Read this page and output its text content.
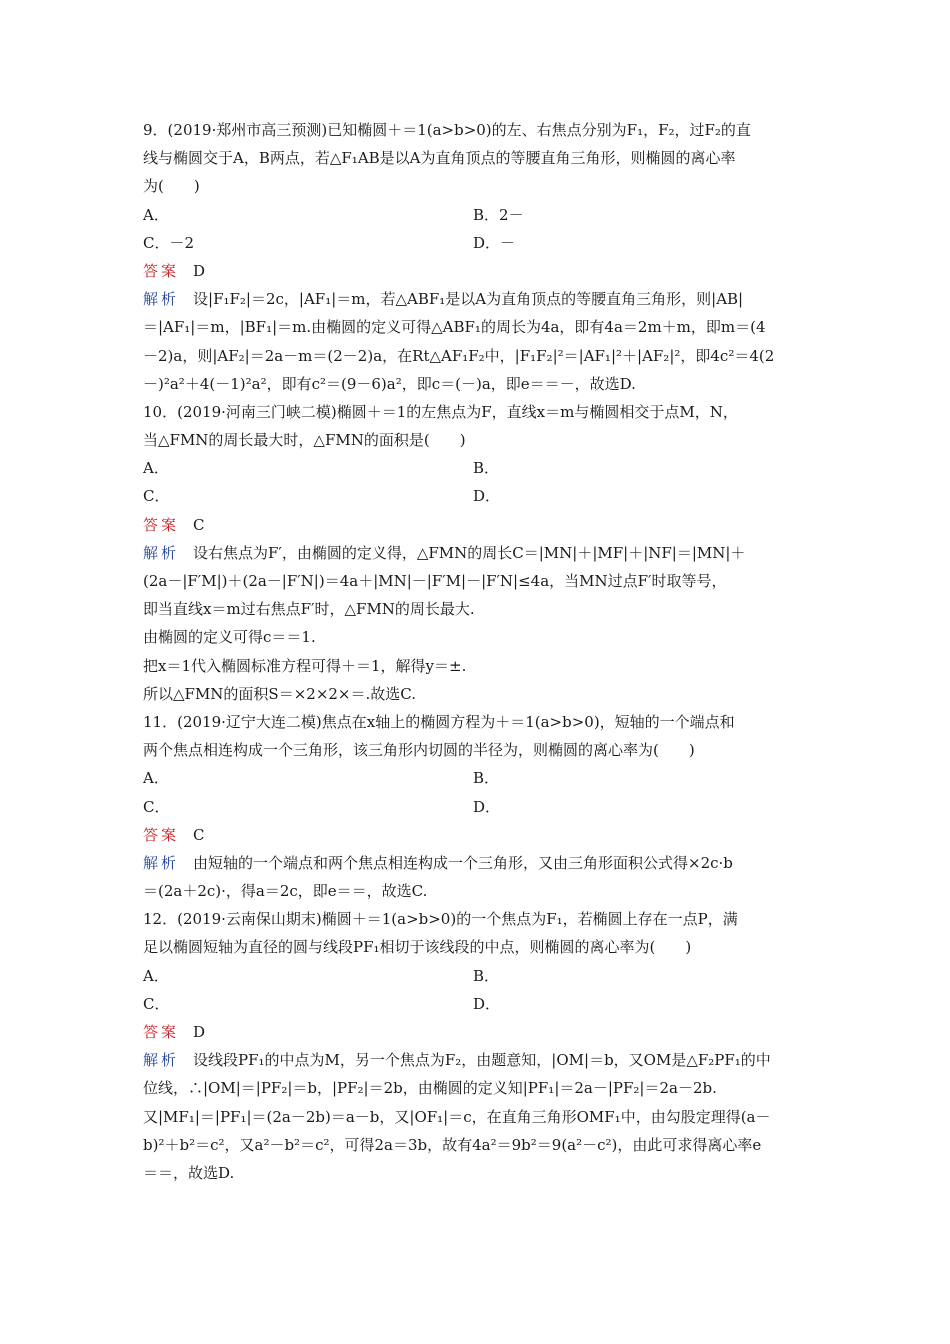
9．(2019·郑州市高三预测)已知椭圆＋＝1(a>b>0)的左、右焦点分别为F₁，F₂，过F₂的直
线与椭圆交于A，B两点，若△F₁AB是以A为直角顶点的等腰直角三角形，则椭圆的离心率
为(　　)
A．	B．2－
C．－2	D．－
答案 D
解析 设|F₁F₂|＝2c，|AF₁|＝m，若△ABF₁是以A为直角顶点的等腰直角三角形，则|AB|
＝|AF₁|＝m，|BF₁|＝m.由椭圆的定义可得△ABF₁的周长为4a，即有4a＝2m＋m，即m＝(4
－2)a，则|AF₂|＝2a－m＝(2－2)a，在Rt△AF₁F₂中，|F₁F₂|²＝|AF₁|²＋|AF₂|²，即4c²＝4(2
－)²a²＋4(－1)²a²，即有c²＝(9－6)a²，即c＝(－)a，即e＝＝－，故选D.
10．(2019·河南三门峡二模)椭圆＋＝1的左焦点为F，直线x＝m与椭圆相交于点M，N，
当△FMN的周长最大时，△FMN的面积是(　　)
A．	B．
C．	D．
答案 C
解析 设右焦点为F′，由椭圆的定义得，△FMN的周长C＝|MN|＋|MF|＋|NF|＝|MN|＋
(2a－|F′M|)＋(2a－|F′N|)＝4a＋|MN|－|F′M|－|F′N|≤4a，当MN过点F′时取等号，
即当直线x＝m过右焦点F′时，△FMN的周长最大.
由椭圆的定义可得c＝＝1.
把x＝1代入椭圆标准方程可得＋＝1，解得y＝±.
所以△FMN的面积S＝×2×2×＝.故选C.
11．(2019·辽宁大连二模)焦点在x轴上的椭圆方程为＋＝1(a>b>0)，短轴的一个端点和
两个焦点相连构成一个三角形，该三角形内切圆的半径为，则椭圆的离心率为(　　)
A．	B．
C．	D．
答案 C
解析 由短轴的一个端点和两个焦点相连构成一个三角形，又由三角形面积公式得×2c·b
＝(2a＋2c)·，得a＝2c，即e＝＝，故选C.
12．(2019·云南保山期末)椭圆＋＝1(a>b>0)的一个焦点为F₁，若椭圆上存在一点P，满
足以椭圆短轴为直径的圆与线段PF₁相切于该线段的中点，则椭圆的离心率为(　　)
A．	B．
C．	D．
答案 D
解析 设线段PF₁的中点为M，另一个焦点为F₂，由题意知，|OM|＝b，又OM是△F₂PF₁的中
位线，∴|OM|＝|PF₂|＝b，|PF₂|＝2b，由椭圆的定义知|PF₁|＝2a－|PF₂|＝2a－2b.
又|MF₁|＝|PF₁|＝(2a－2b)＝a－b，又|OF₁|＝c，在直角三角形OMF₁中，由勾股定理得(a－
b)²＋b²＝c²，又a²－b²＝c²，可得2a＝3b，故有4a²＝9b²＝9(a²－c²)，由此可求得离心率e
＝＝，故选D.
